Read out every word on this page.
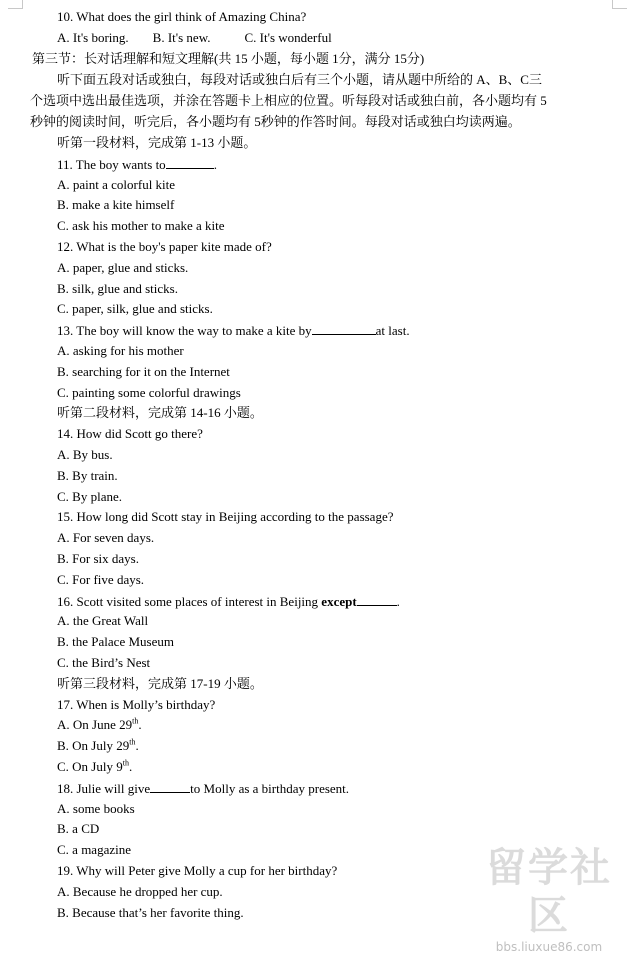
10. What does the girl think of Amazing China?
A. It's boring. B. It's new.	C. It's wonderful
第三节：长对话理解和短文理解(共 15 小题，每小题 1分，满分 15分)
听下面五段对话或独白，每段对话或独白后有三个小题，请从题中所给的 A、B、C三
个选项中选出最佳选项，并涂在答题卡上相应的位置。听每段对话或独白前，各小题均有 5
秒钟的阅读时间，听完后，各小题均有 5秒钟的作答时间。每段对话或独白均读两遍。
听第一段材料，完成第 1-13 小题。
11. The boy wants to	.
A. paint a colorful kite
B. make a kite himself
C. ask his mother to make a kite
12. What is the boy's paper kite made of?
A. paper, glue and sticks.
B. silk, glue and sticks.
C. paper, silk, glue and sticks.
13. The boy will know the way to make a kite by	at last.
A. asking for his mother
B. searching for it on the Internet
C. painting some colorful drawings
听第二段材料，完成第 14-16 小题。
14. How did Scott go there?
A. By bus.
B. By train.
C. By plane.
15. How long did Scott stay in Beijing according to the passage?
A. For seven days.
B. For six days.
C. For five days.
16. Scott visited some places of interest in Beijing except	.
A. the Great Wall
B. the Palace Museum
C. the Bird’s Nest
听第三段材料，完成第 17-19 小题。
17. When is Molly’s birthday?
A. On June 29th.
B. On July 29th.
C. On July 9th.
18. Julie will give	to Molly as a birthday present.
A. some books
B. a CD
C. a magazine
19. Why will Peter give Molly a cup for her birthday?
A. Because he dropped her cup.
B. Because that’s her favorite thing.
留学社区
bbs.liuxue86.com
